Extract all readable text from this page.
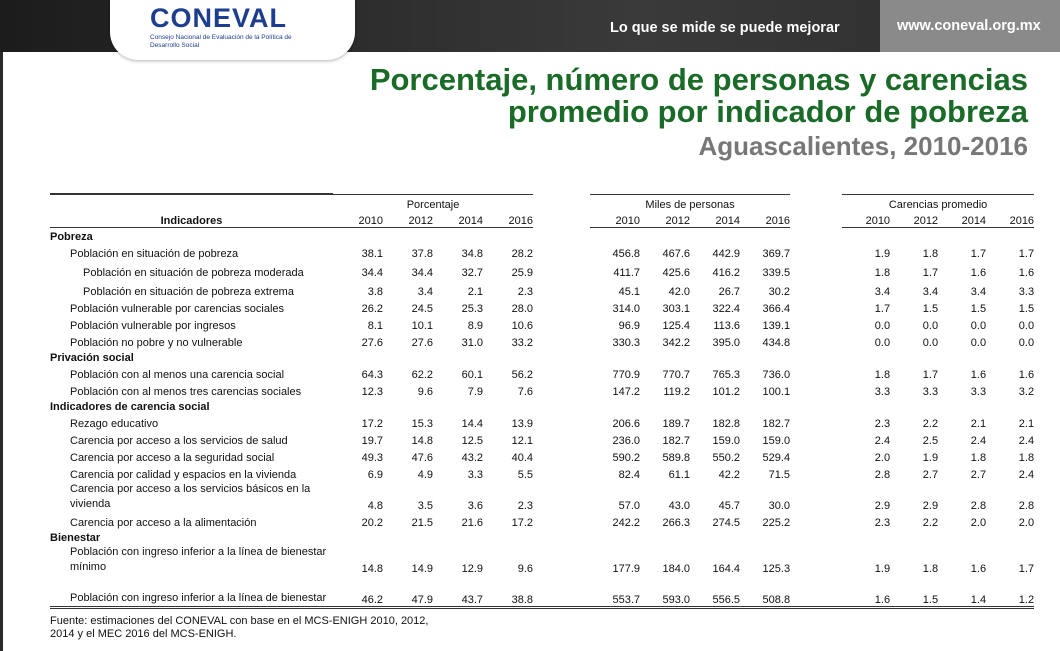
CONEVAL
Consejo Nacional de Evaluación de la Política de Desarrollo Social
Lo que se mide se puede mejorar	www.coneval.org.mx
Porcentaje, número de personas y carencias
promedio por indicador de pobreza
Aguascalientes, 2010-2016
Indicadores	Porcentaje					Miles de personas					Carencias promedio			
	2010	2012	2014	2016		2010	2012	2014	2016		2010	2012	2014	2016
Pobreza														
Población en situación de pobreza	38.1	37.8	34.8	28.2		456.8	467.6	442.9	369.7		1.9	1.8	1.7	1.7
Población en situación de pobreza moderada	34.4	34.4	32.7	25.9		411.7	425.6	416.2	339.5		1.8	1.7	1.6	1.6
Población en situación de pobreza extrema	3.8	3.4	2.1	2.3		45.1	42.0	26.7	30.2		3.4	3.4	3.4	3.3
Población vulnerable por carencias sociales	26.2	24.5	25.3	28.0		314.0	303.1	322.4	366.4		1.7	1.5	1.5	1.5
Población vulnerable por ingresos	8.1	10.1	8.9	10.6		96.9	125.4	113.6	139.1		0.0	0.0	0.0	0.0
Población no pobre y no vulnerable	27.6	27.6	31.0	33.2		330.3	342.2	395.0	434.8		0.0	0.0	0.0	0.0
Privación social														
Población con al menos una carencia social	64.3	62.2	60.1	56.2		770.9	770.7	765.3	736.0		1.8	1.7	1.6	1.6
Población con al menos tres carencias sociales	12.3	9.6	7.9	7.6		147.2	119.2	101.2	100.1		3.3	3.3	3.3	3.2
Indicadores de carencia social														
Rezago educativo	17.2	15.3	14.4	13.9		206.6	189.7	182.8	182.7		2.3	2.2	2.1	2.1
Carencia por acceso a los servicios de salud	19.7	14.8	12.5	12.1		236.0	182.7	159.0	159.0		2.4	2.5	2.4	2.4
Carencia por acceso a la seguridad social	49.3	47.6	43.2	40.4		590.2	589.8	550.2	529.4		2.0	1.9	1.8	1.8
Carencia por calidad y espacios en la vivienda	6.9	4.9	3.3	5.5		82.4	61.1	42.2	71.5		2.8	2.7	2.7	2.4
Carencia por acceso a los servicios básicos en la vivienda	4.8	3.5	3.6	2.3		57.0	43.0	45.7	30.0		2.9	2.9	2.8	2.8
Carencia por acceso a la alimentación	20.2	21.5	21.6	17.2		242.2	266.3	274.5	225.2		2.3	2.2	2.0	2.0
Bienestar														
Población con ingreso inferior a la línea de bienestar mínimo	14.8	14.9	12.9	9.6		177.9	184.0	164.4	125.3		1.9	1.8	1.6	1.7
Población con ingreso inferior a la línea de bienestar	46.2	47.9	43.7	38.8		553.7	593.0	556.5	508.8		1.6	1.5	1.4	1.2
Fuente: estimaciones del CONEVAL con base en el MCS-ENIGH 2010, 2012,
2014 y el MEC 2016 del MCS-ENIGH.
